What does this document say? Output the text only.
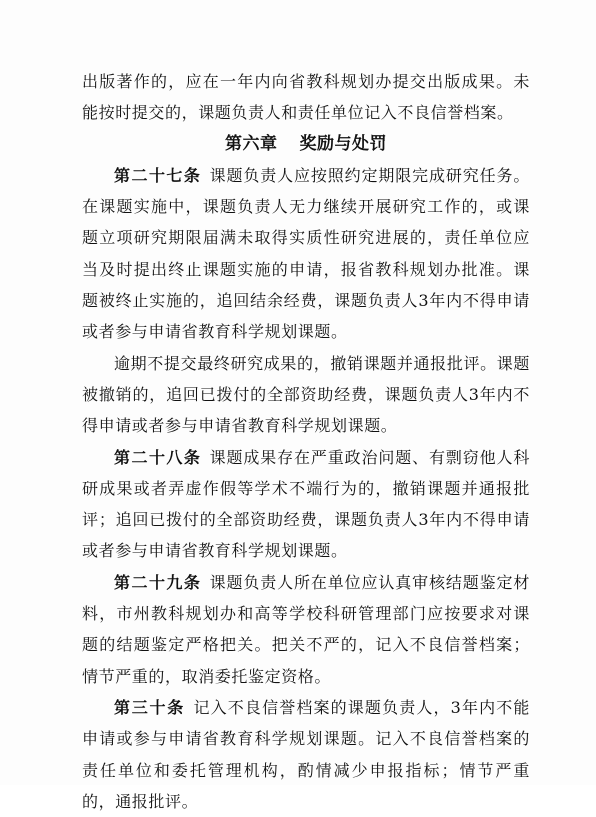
出版著作的，应在一年内向省教科规划办提交出版成果。未能按时提交的，课题负责人和责任单位记入不良信誉档案。

第六章 奖励与处罚

第二十七条 课题负责人应按照约定期限完成研究任务。在课题实施中，课题负责人无力继续开展研究工作的，或课题立项研究期限届满未取得实质性研究进展的，责任单位应当及时提出终止课题实施的申请，报省教科规划办批准。课题被终止实施的，追回结余经费，课题负责人3年内不得申请或者参与申请省教育科学规划课题。

逾期不提交最终研究成果的，撤销课题并通报批评。课题被撤销的，追回已拨付的全部资助经费，课题负责人3年内不得申请或者参与申请省教育科学规划课题。

第二十八条 课题成果存在严重政治问题、有剽窃他人科研成果或者弄虚作假等学术不端行为的，撤销课题并通报批评；追回已拨付的全部资助经费，课题负责人3年内不得申请或者参与申请省教育科学规划课题。

第二十九条 课题负责人所在单位应认真审核结题鉴定材料，市州教科规划办和高等学校科研管理部门应按要求对课题的结题鉴定严格把关。把关不严的，记入不良信誉档案；情节严重的，取消委托鉴定资格。

第三十条 记入不良信誉档案的课题负责人，3年内不能申请或参与申请省教育科学规划课题。记入不良信誉档案的责任单位和委托管理机构，酌情减少申报指标；情节严重的，通报批评。
